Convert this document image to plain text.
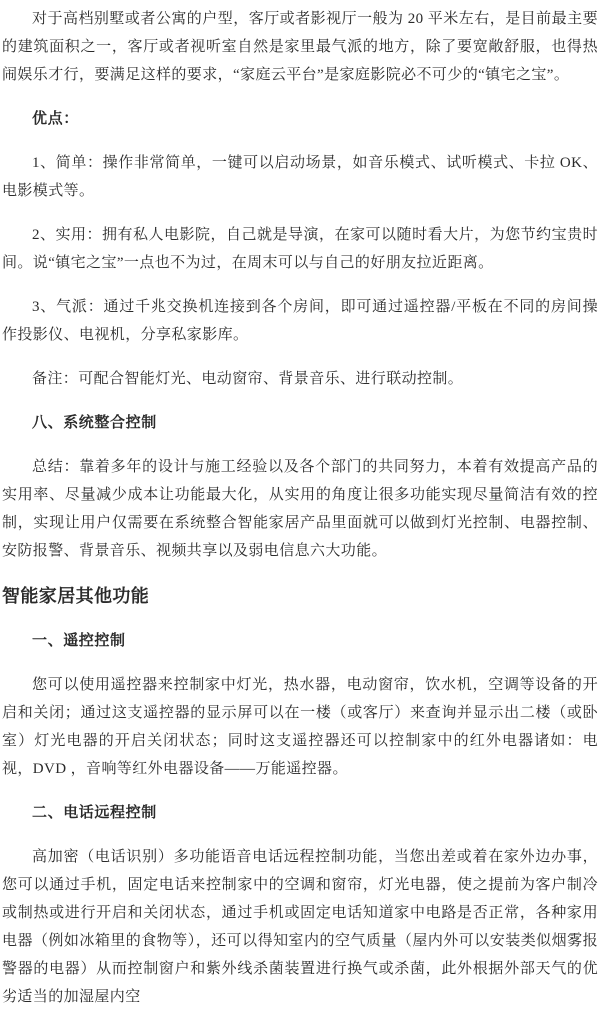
对于高档别墅或者公寓的户型，客厅或者影视厅一般为 20 平米左右，是目前最主要的建筑面积之一，客厅或者视听室自然是家里最气派的地方，除了要宽敞舒服，也得热闹娱乐才行，要满足这样的要求，“家庭云平台”是家庭影院必不可少的“镇宅之宝”。

优点：

1、简单：操作非常简单，一键可以启动场景，如音乐模式、试听模式、卡拉 OK、电影模式等。

2、实用：拥有私人电影院，自己就是导演，在家可以随时看大片，为您节约宝贵时间。说“镇宅之宝”一点也不为过，在周末可以与自己的好朋友拉近距离。

3、气派：通过千兆交换机连接到各个房间，即可通过遥控器/平板在不同的房间操作投影仪、电视机，分享私家影库。

备注：可配合智能灯光、电动窗帘、背景音乐、进行联动控制。

八、系统整合控制

总结：靠着多年的设计与施工经验以及各个部门的共同努力，本着有效提高产品的实用率、尽量减少成本让功能最大化，从实用的角度让很多功能实现尽量简洁有效的控制，实现让用户仅需要在系统整合智能家居产品里面就可以做到灯光控制、电器控制、安防报警、背景音乐、视频共享以及弱电信息六大功能。

智能家居其他功能
一、遥控控制

您可以使用遥控器来控制家中灯光，热水器，电动窗帘，饮水机，空调等设备的开启和关闭；通过这支遥控器的显示屏可以在一楼（或客厅）来查询并显示出二楼（或卧室）灯光电器的开启关闭状态；同时这支遥控器还可以控制家中的红外电器诸如：电视，DVD ，音响等红外电器设备——万能遥控器。

二、电话远程控制

高加密（电话识别）多功能语音电话远程控制功能，当您出差或着在家外边办事，您可以通过手机，固定电话来控制家中的空调和窗帘，灯光电器，使之提前为客户制冷或制热或进行开启和关闭状态，通过手机或固定电话知道家中电路是否正常，各种家用电器（例如冰箱里的食物等），还可以得知室内的空气质量（屋内外可以安装类似烟雾报警器的电器）从而控制窗户和紫外线杀菌装置进行换气或杀菌，此外根据外部天气的优劣适当的加湿屋内空
